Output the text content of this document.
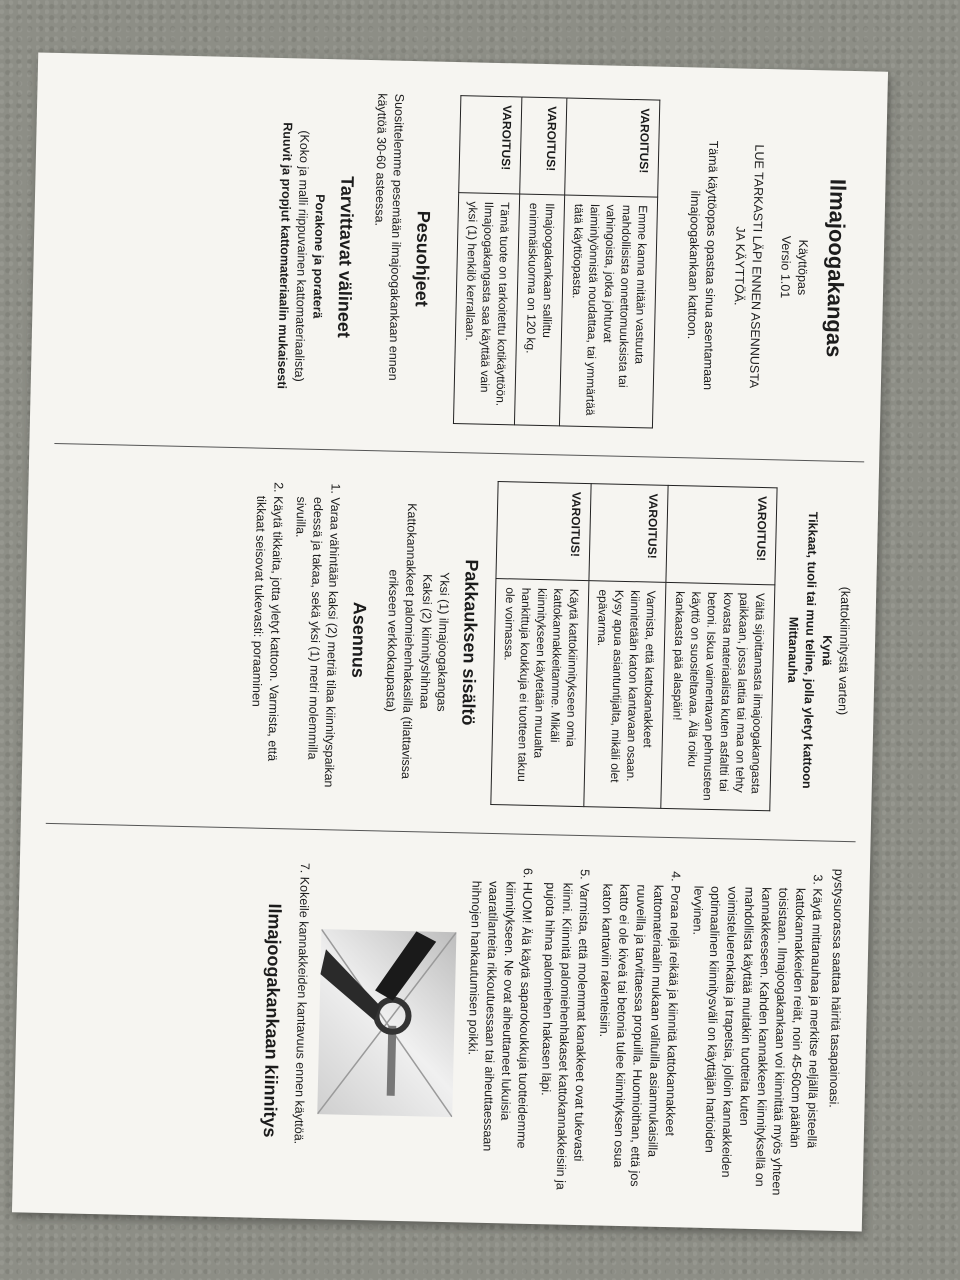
Ilmajoogakangas

Käyttöpas

Versio 1.01

LUE TARKASTI LÄPI ENNEN ASENNUSTA

JA KÄYTTÖÄ.

Tämä käyttöopas opastaa sinua asentamaan

ilmajoogakankaan kattoon.

VAROITUS!	Emme kanna mitään vastuuta mahdollisista onnettomuuksista tai vahingoista, jotka johtuvat laiminlyönnistä noudattaa, tai ymmärtää tätä käyttöopasta.
VAROITUS!	Ilmajoogakankaan sallittu enimmäiskuorma on 120 kg.
VAROITUS!	Tämä tuote on tarkoitettu kotikäyttöön. Ilmajoogakangasta saa käyttää vain yksi (1) henkilö kerrallaan.
Pesuohjeet

Suosittelemme pesemään ilmajoogakankaan ennen käyttöä 30-60 asteessa.

Tarvittavat välineet

Porakone ja poraterä

(Koko ja malli riippuvainen kattomateriaalista)

Ruuvit ja propjut kattomateriaalin mukaisesti

(kattokiinnitystä varten)

Kynä

Tikkaat, tuoli tai muu teline, jolla yletyt kattoon

Mittanauha

VAROITUS!	Vältä sijoittamasta ilmajoogakangasta paikkaan, jossa lattia tai maa on tehty kovasta materiaalista kuten asfaltti tai betoni. Iskua vaimentavan pehmusteen käyttö on suositeltavaa. Älä roiku kankaasta pää alaspäin!
VAROITUS!	Varmista, että kattokanakkeet kiinnitetään katon kantavaan osaan. Kysy apua asiantuntijalta, mikäli olet epävarma.
VAROITUS!	Käytä kattokiinnitykseen omia kattokannakkeitamme. Mikäli kiinnitykseen käytetään muualta hankittuja koukkuja ei tuotteen takuu ole voimassa.
Pakkauksen sisältö

Yksi (1) ilmajoogakangas

Kaksi (2) kiinnityshihnaa

Kattokannakkeet palomiehenhakasilla (tilattavissa erikseen verkkokaupasta)

Asennus
1. Varaa vähintään kaksi (2) metriä tilaa kiinnityspaikan edessä ja takaa, sekä yksi (1) metri molemmilla sivuilla.
2. Käytä tikkaita, jotta yletyt kattoon. Varmista, että tikkaat seisovat tukevasti: poraaminen

pystysuorassa saattaa häiritä tasapainoasi.

3. Käytä mittanauhaa ja merkitse neljällä pisteellä kattokannakkeiden reiät, noin 45-60cm päähän toisistaan. Ilmajoogakankaan voi kiinnittää myös yhteen kannakkeeseen. Kahden kannakkeen kiinnityksellä on mahdollista käyttää muitakin tuotteita kuten voimisteluerenkaita ja trapetsia, jolloin kannakkeiden optimaalinen kiinnitysväli on käyttäjän hartioiden levyinen.
4. Poraa neljä reikää ja kiinnitä kattokannakkeet kattomateriaalin mukaan valituilla asianmukaisilla ruuveilla ja tarvittaessa propuilla. Huomioithan, että jos katto ei ole kiveä tai betonia tulee kiinnityksen osua katon kantaviin rakenteisiin.
5. Varmista, että molemmat kanakkeet ovat tukevasti kiinni. Kiinnitä palomiehenhakaset kattokannakkeisiin ja pujota hihna palomiehen hakasen läpi.
6. HUOM! Älä käytä saparokoukkuja tuotteidemme kiinnitykseen. Ne ovat aiheuttaneet lukuisia vaaratilanteita rikkoutuessaan tai aiheuttaessaan hihnojen hankautumisen poikki.
7. Kokeile kannakkeiden kantavuus ennen käyttöä.
Ilmajoogakankaan kiinnitys
